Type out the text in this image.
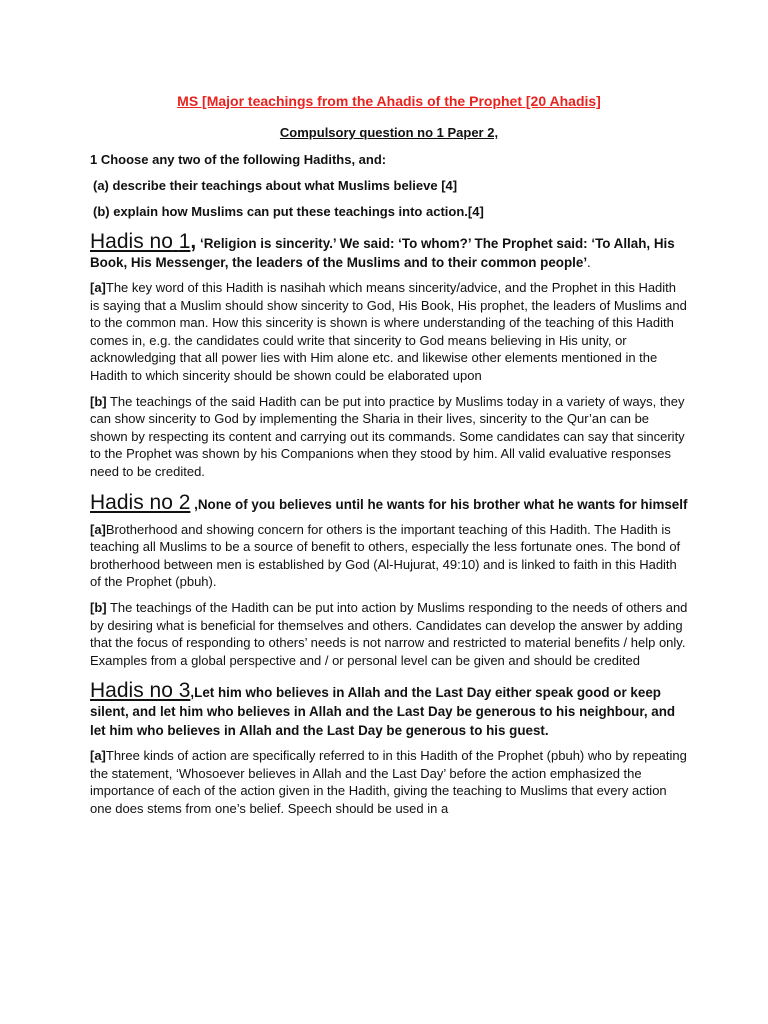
MS [Major teachings from the Ahadis of the Prophet [20 Ahadis]

Compulsory question no 1 Paper 2,

1 Choose any two of the following Hadiths, and:

(a) describe their teachings about what Muslims believe [4]

(b) explain how Muslims can put these teachings into action.[4]

Hadis no 1, ‘Religion is sincerity.’ We said: ‘To whom?’ The Prophet said: ‘To Allah, His Book, His Messenger, the leaders of the Muslims and to their common people’.

[a]The key word of this Hadith is nasihah which means sincerity/advice, and the Prophet in this Hadith is saying that a Muslim should show sincerity to God, His Book, His prophet, the leaders of Muslims and to the common man. How this sincerity is shown is where understanding of the teaching of this Hadith comes in, e.g. the candidates could write that sincerity to God means believing in His unity, or acknowledging that all power lies with Him alone etc. and likewise other elements mentioned in the Hadith to which sincerity should be shown could be elaborated upon

[b] The teachings of the said Hadith can be put into practice by Muslims today in a variety of ways, they can show sincerity to God by implementing the Sharia in their lives, sincerity to the Qur’an can be shown by respecting its content and carrying out its commands. Some candidates can say that sincerity to the Prophet was shown by his Companions when they stood by him. All valid evaluative responses need to be credited.

Hadis no 2 ,None of you believes until he wants for his brother what he wants for himself

[a]Brotherhood and showing concern for others is the important teaching of this Hadith. The Hadith is teaching all Muslims to be a source of benefit to others, especially the less fortunate ones. The bond of brotherhood between men is established by God (Al-Hujurat, 49:10) and is linked to faith in this Hadith of the Prophet (pbuh).

[b] The teachings of the Hadith can be put into action by Muslims responding to the needs of others and by desiring what is beneficial for themselves and others. Candidates can develop the answer by adding that the focus of responding to others’ needs is not narrow and restricted to material benefits / help only. Examples from a global perspective and / or personal level can be given and should be credited

Hadis no 3,Let him who believes in Allah and the Last Day either speak good or keep silent, and let him who believes in Allah and the Last Day be generous to his neighbour, and let him who believes in Allah and the Last Day be generous to his guest.

[a]Three kinds of action are specifically referred to in this Hadith of the Prophet (pbuh) who by repeating the statement, ‘Whosoever believes in Allah and the Last Day’ before the action emphasized the importance of each of the action given in the Hadith, giving the teaching to Muslims that every action one does stems from one’s belief. Speech should be used in a
